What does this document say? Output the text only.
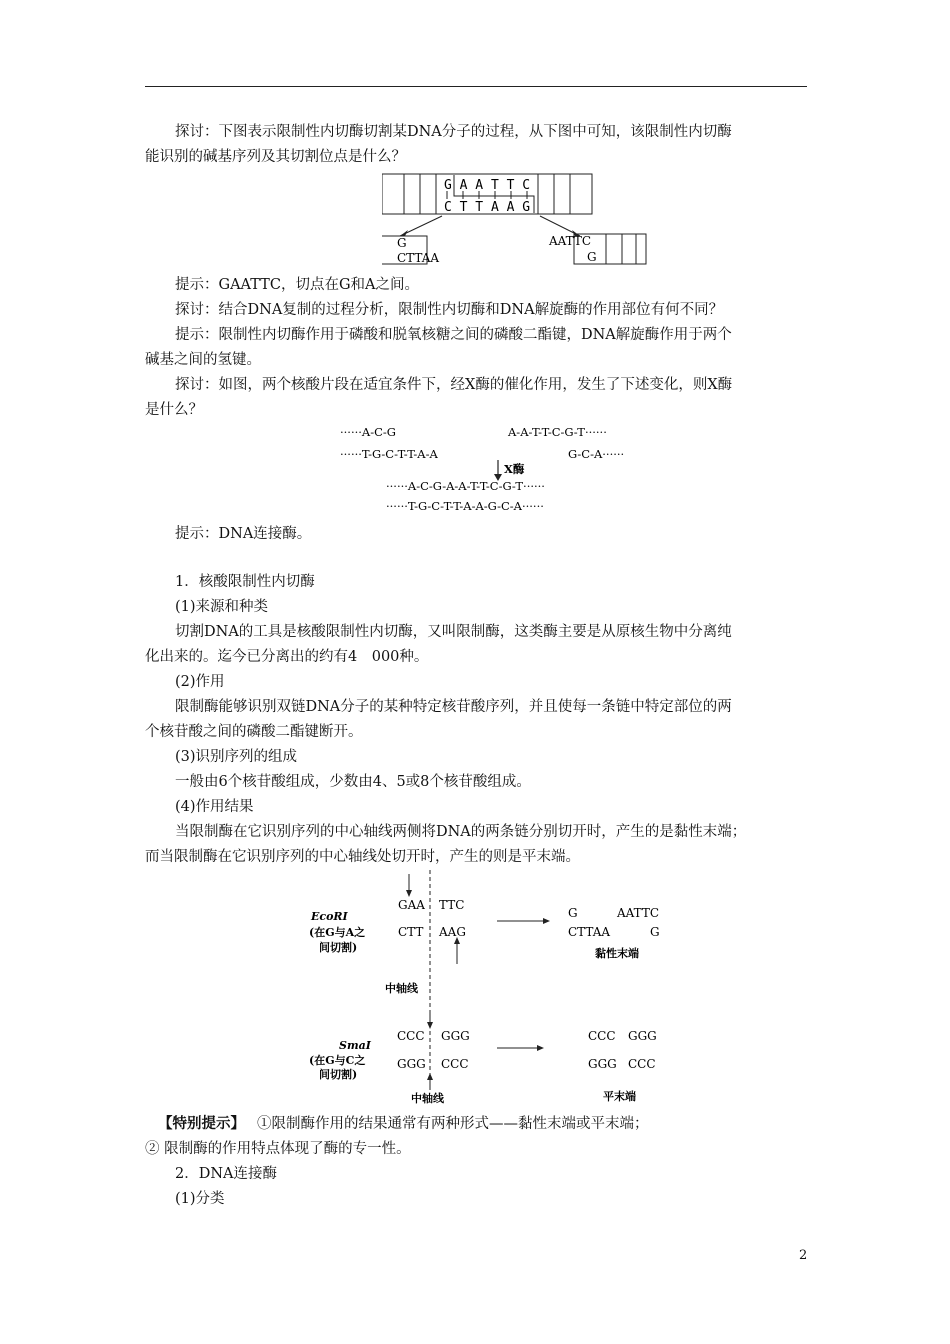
探讨：下图表示限制性内切酶切割某DNA分子的过程，从下图中可知，该限制性内切酶
能识别的碱基序列及其切割位点是什么？
G A A T T C
C T T A A G
G
CTTAA
AATTC
G
提示：GAATTC，切点在G和A之间。
探讨：结合DNA复制的过程分析，限制性内切酶和DNA解旋酶的作用部位有何不同？
提示：限制性内切酶作用于磷酸和脱氧核糖之间的磷酸二酯键，DNA解旋酶作用于两个
碱基之间的氢键。
探讨：如图，两个核酸片段在适宜条件下，经X酶的催化作用，发生了下述变化，则X酶
是什么？
······A-C-G
······T-G-C-T-T-A-A
A-A-T-T-C-G-T······
G-C-A······
X酶
······A-C-G-A-A-T-T-C-G-T······
······T-G-C-T-T-A-A-G-C-A······
提示：DNA连接酶。
1．核酸限制性内切酶
(1)来源和种类
切割DNA的工具是核酸限制性内切酶，又叫限制酶，这类酶主要是从原核生物中分离纯
化出来的。迄今已分离出的约有4　000种。
(2)作用
限制酶能够识别双链DNA分子的某种特定核苷酸序列，并且使每一条链中特定部位的两
个核苷酸之间的磷酸二酯键断开。
(3)识别序列的组成
一般由6个核苷酸组成，少数由4、5或8个核苷酸组成。
(4)作用结果
当限制酶在它识别序列的中心轴线两侧将DNA的两条链分别切开时，产生的是黏性末端；
而当限制酶在它识别序列的中心轴线处切开时，产生的则是平末端。
EcoRI
(在G与A之
间切割)
GAA TTC
CTT AAG
G	AATTC
CTTAA	G
黏性末端
中轴线
SmaI
(在G与C之
间切割)
CCC GGG
GGG CCC
CCC GGG
GGG CCC
平末端
中轴线
【特别提示】 ①限制酶作用的结果通常有两种形式——黏性末端或平末端；
② 限制酶的作用特点体现了酶的专一性。
2．DNA连接酶
(1)分类
2
